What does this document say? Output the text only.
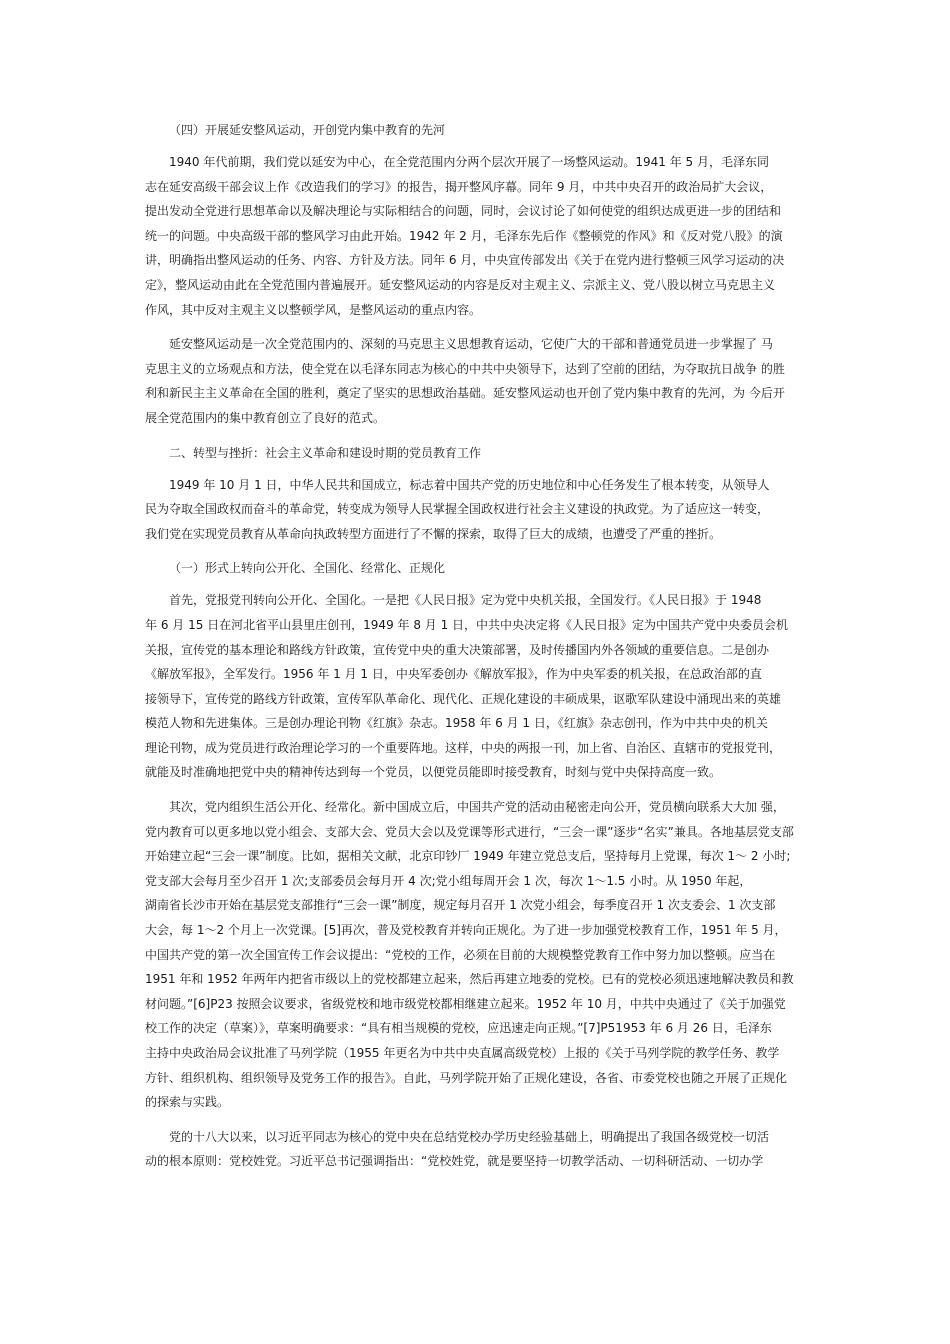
（四）开展延安整风运动，开创党内集中教育的先河
1940 年代前期，我们党以延安为中心，在全党范围内分两个层次开展了一场整风运动。1941 年 5 月，毛泽东同
志在延安高级干部会议上作《改造我们的学习》的报告，揭开整风序幕。同年 9 月，中共中央召开的政治局扩大会议，
提出发动全党进行思想革命以及解决理论与实际相结合的问题，同时，会议讨论了如何使党的组织达成更进一步的团结和
统一的问题。中央高级干部的整风学习由此开始。1942 年 2 月，毛泽东先后作《整顿党的作风》和《反对党八股》的演
讲，明确指出整风运动的任务、内容、方针及方法。同年 6 月，中央宣传部发出《关于在党内进行整顿三风学习运动的决
定》，整风运动由此在全党范围内普遍展开。延安整风运动的内容是反对主观主义、宗派主义、党八股以树立马克思主义
作风，其中反对主观主义以整顿学风，是整风运动的重点内容。
延安整风运动是一次全党范围内的、深刻的马克思主义思想教育运动，它使广大的干部和普通党员进一步掌握了 马
克思主义的立场观点和方法，使全党在以毛泽东同志为核心的中共中央领导下，达到了空前的团结，为夺取抗日战争 的胜
利和新民主主义革命在全国的胜利，奠定了坚实的思想政治基础。延安整风运动也开创了党内集中教育的先河，为 今后开
展全党范围内的集中教育创立了良好的范式。
二、转型与挫折：社会主义革命和建设时期的党员教育工作
1949 年 10 月 1 日，中华人民共和国成立，标志着中国共产党的历史地位和中心任务发生了根本转变，从领导人
民为夺取全国政权而奋斗的革命党，转变成为领导人民掌握全国政权进行社会主义建设的执政党。为了适应这一转变，
我们党在实现党员教育从革命向执政转型方面进行了不懈的探索，取得了巨大的成绩，也遭受了严重的挫折。
（一）形式上转向公开化、全国化、经常化、正规化
首先，党报党刊转向公开化、全国化。一是把《人民日报》定为党中央机关报，全国发行。《人民日报》于 1948
年 6 月 15 日在河北省平山县里庄创刊，1949 年 8 月 1 日，中共中央决定将《人民日报》定为中国共产党中央委员会机
关报，宣传党的基本理论和路线方针政策，宣传党中央的重大决策部署，及时传播国内外各领域的重要信息。二是创办
《解放军报》，全军发行。1956 年 1 月 1 日，中央军委创办《解放军报》，作为中央军委的机关报，在总政治部的直
接领导下，宣传党的路线方针政策，宣传军队革命化、现代化、正规化建设的丰硕成果，讴歌军队建设中涌现出来的英雄
模范人物和先进集体。三是创办理论刊物《红旗》杂志。1958 年 6 月 1 日，《红旗》杂志创刊，作为中共中央的机关
理论刊物，成为党员进行政治理论学习的一个重要阵地。这样，中央的两报一刊，加上省、自治区、直辖市的党报党刊，
就能及时准确地把党中央的精神传达到每一个党员，以便党员能即时接受教育，时刻与党中央保持高度一致。
其次，党内组织生活公开化、经常化。新中国成立后，中国共产党的活动由秘密走向公开，党员横向联系大大加 强，
党内教育可以更多地以党小组会、支部大会、党员大会以及党课等形式进行，“三会一课”逐步“名实”兼具。各地基层党支部
开始建立起“三会一课”制度。比如，据相关文献，北京印钞厂 1949 年建立党总支后，坚持每月上党课，每次 1～ 2 小时;
党支部大会每月至少召开 1 次;支部委员会每月开 4 次;党小组每周开会 1 次，每次 1～1.5 小时。从 1950 年起，
湖南省长沙市开始在基层党支部推行“三会一课”制度，规定每月召开 1 次党小组会，每季度召开 1 次支委会、1 次支部
大会，每 1～2 个月上一次党课。[5]再次，普及党校教育并转向正规化。为了进一步加强党校教育工作，1951 年 5 月，
中国共产党的第一次全国宣传工作会议提出：“党校的工作，必须在目前的大规模整党教育工作中努力加以整顿。应当在
1951 年和 1952 年两年内把省市级以上的党校都建立起来，然后再建立地委的党校。已有的党校必须迅速地解决教员和教
材问题。”[6]P23 按照会议要求，省级党校和地市级党校都相继建立起来。1952 年 10 月，中共中央通过了《关于加强党
校工作的决定（草案）》，草案明确要求：“具有相当规模的党校，应迅速走向正规。”[7]P51953 年 6 月 26 日，毛泽东
主持中央政治局会议批准了马列学院（1955 年更名为中共中央直属高级党校）上报的《关于马列学院的教学任务、教学
方针、组织机构、组织领导及党务工作的报告》。自此，马列学院开始了正规化建设，各省、市委党校也随之开展了正规化
的探索与实践。
党的十八大以来，以习近平同志为核心的党中央在总结党校办学历史经验基础上，明确提出了我国各级党校一切活
动的根本原则：党校姓党。习近平总书记强调指出：“党校姓党，就是要坚持一切教学活动、一切科研活动、一切办学
